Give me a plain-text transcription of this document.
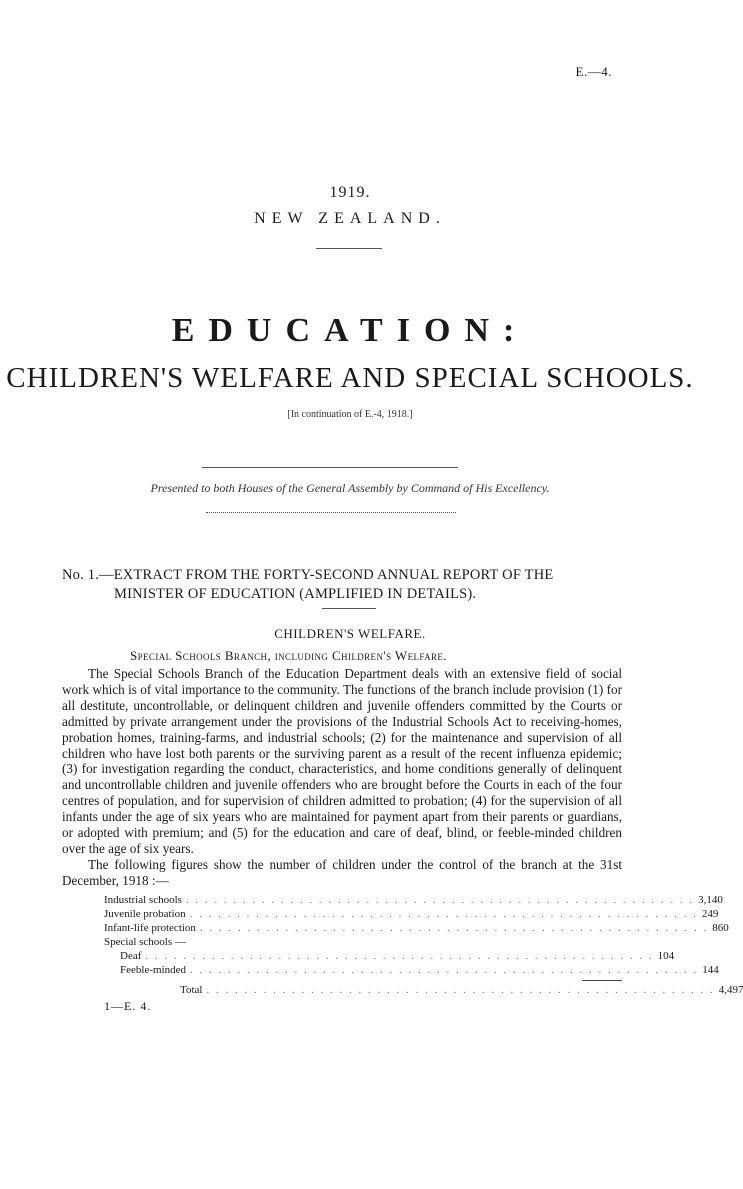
E.—4.
1919.
NEW ZEALAND.
EDUCATION:
CHILDREN'S WELFARE AND SPECIAL SCHOOLS.
[In continuation of E.-4, 1918.]
Presented to both Houses of the General Assembly by Command of His Excellency.
No. 1.—EXTRACT FROM THE FORTY-SECOND ANNUAL REPORT OF THE
MINISTER OF EDUCATION (AMPLIFIED IN DETAILS).
CHILDREN'S WELFARE.
Special Schools Branch, including Children's Welfare.

The Special Schools Branch of the Education Department deals with an extensive field of social work which is of vital importance to the community. The functions of the branch include provision (1) for all destitute, uncontrollable, or delinquent children and juvenile offenders committed by the Courts or admitted by private arrangement under the provisions of the Industrial Schools Act to receiving-homes, probation homes, training-farms, and industrial schools; (2) for the maintenance and supervision of all children who have lost both parents or the surviving parent as a result of the recent influenza epidemic; (3) for investigation regarding the conduct, characteristics, and home conditions generally of delinquent and uncontrollable children and juvenile offenders who are brought before the Courts in each of the four centres of population, and for supervision of children admitted to probation; (4) for the supervision of all infants under the age of six years who are maintained for payment apart from their parents or guardians, or adopted with premium; and (5) for the education and care of deaf, blind, or feeble-minded children over the age of six years.

The following figures show the number of children under the control of the branch at the 31st December, 1918 :—

Industrial schools . . . . . . . . . . . . . . . . . . . . . . . . . . . . . . . . . . . . . . . . . . . . . . . . . . . . . . 3,140
Juvenile probation . . . . . . . . . . . . . . . . . . . . . . . . . . . . . . . . . . . . . . . . . . . . . . . . . . . . . . 249
Infant-life protection . . . . . . . . . . . . . . . . . . . . . . . . . . . . . . . . . . . . . . . . . . . . . . . . . . . . . . 860
Special schools —
Deaf . . . . . . . . . . . . . . . . . . . . . . . . . . . . . . . . . . . . . . . . . . . . . . . . . . . . . . 104
Feeble-minded . . . . . . . . . . . . . . . . . . . . . . . . . . . . . . . . . . . . . . . . . . . . . . . . . . . . . . 144
Total . . . . . . . . . . . . . . . . . . . . . . . . . . . . . . . . . . . . . . . . . . . . . . . . . . . . . . 4,497
1—E. 4.
